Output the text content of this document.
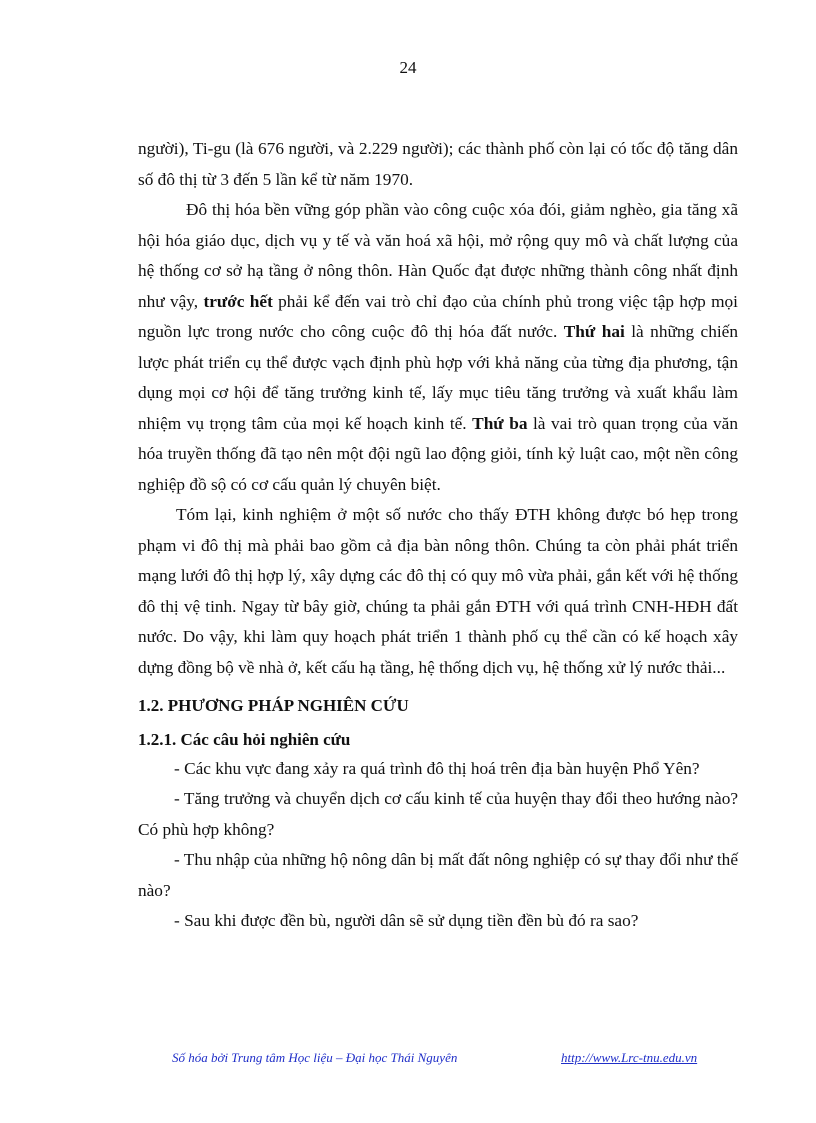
24

người), Ti-gu (là 676 người, và 2.229 người); các thành phố còn lại có tốc độ tăng dân số đô thị từ 3 đến 5 lần kể từ năm 1970.

Đô thị hóa bền vững góp phần vào công cuộc xóa đói, giảm nghèo, gia tăng xã hội hóa giáo dục, dịch vụ y tế và văn hoá xã hội, mở rộng quy mô và chất lượng của hệ thống cơ sở hạ tầng ở nông thôn. Hàn Quốc đạt được những thành công nhất định như vậy, trước hết phải kể đến vai trò chỉ đạo của chính phủ trong việc tập hợp mọi nguồn lực trong nước cho công cuộc đô thị hóa đất nước. Thứ hai là những chiến lược phát triển cụ thể được vạch định phù hợp với khả năng của từng địa phương, tận dụng mọi cơ hội để tăng trưởng kinh tế, lấy mục tiêu tăng trưởng và xuất khẩu làm nhiệm vụ trọng tâm của mọi kế hoạch kinh tế. Thứ ba là vai trò quan trọng của văn hóa truyền thống đã tạo nên một đội ngũ lao động giỏi, tính kỷ luật cao, một nền công nghiệp đồ sộ có cơ cấu quản lý chuyên biệt.

Tóm lại, kinh nghiệm ở một số nước cho thấy ĐTH không được bó hẹp trong phạm vi đô thị mà phải bao gồm cả địa bàn nông thôn. Chúng ta còn phải phát triển mạng lưới đô thị hợp lý, xây dựng các đô thị có quy mô vừa phải, gắn kết với hệ thống đô thị vệ tinh. Ngay từ bây giờ, chúng ta phải gắn ĐTH với quá trình CNH-HĐH đất nước. Do vậy, khi làm quy hoạch phát triển 1 thành phố cụ thể cần có kế hoạch xây dựng đồng bộ về nhà ở, kết cấu hạ tầng, hệ thống dịch vụ, hệ thống xử lý nước thải...

1.2. PHƯƠNG PHÁP NGHIÊN CỨU

1.2.1. Các câu hỏi nghiên cứu

- Các khu vực đang xảy ra quá trình đô thị hoá trên địa bàn huyện Phổ Yên?

- Tăng trưởng và chuyển dịch cơ cấu kinh tế của huyện thay đổi theo hướng nào? Có phù hợp không?

- Thu nhập của những hộ nông dân bị mất đất nông nghiệp có sự thay đổi như thế nào?

- Sau khi được đền bù, người dân sẽ sử dụng tiền đền bù đó ra sao?

Số hóa bởi Trung tâm Học liệu – Đại học Thái Nguyên	http://www.Lrc-tnu.edu.vn
